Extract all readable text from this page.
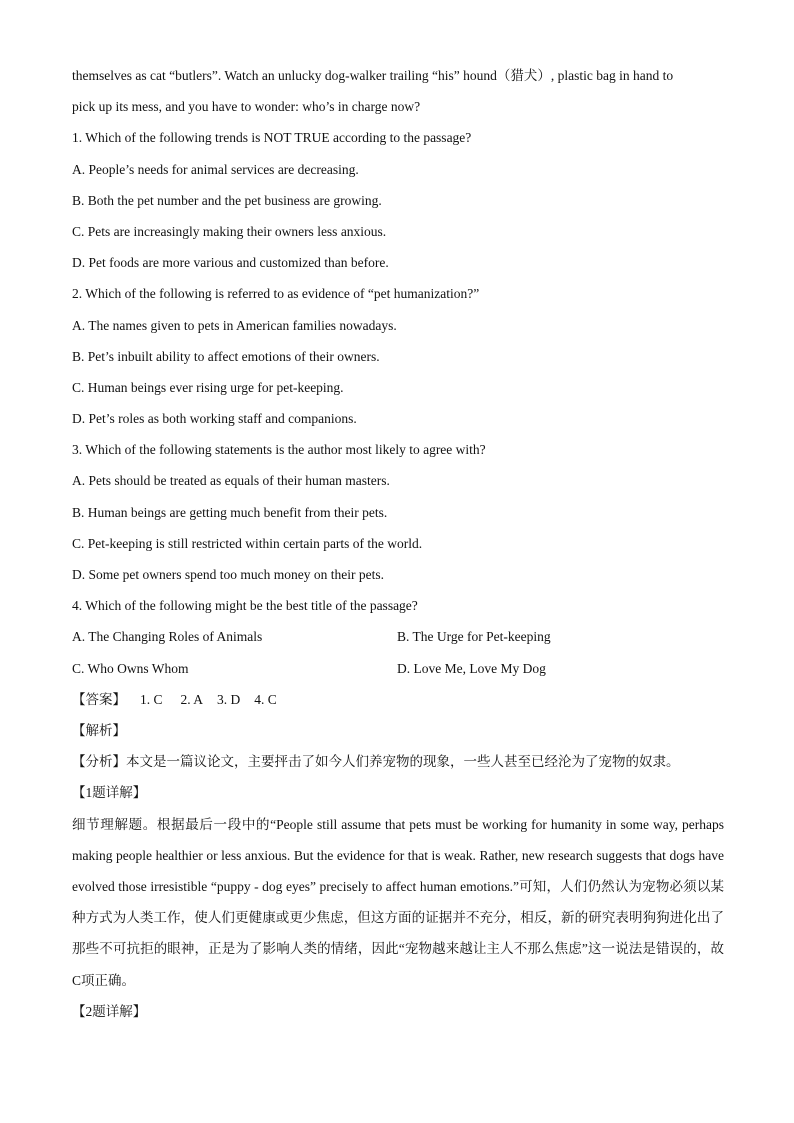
themselves as cat “butlers”. Watch an unlucky dog-walker trailing “his” hound（猎犬）, plastic bag in hand to
pick up its mess, and you have to wonder: who’s in charge now?
1. Which of the following trends is NOT TRUE according to the passage?
A. People’s needs for animal services are decreasing.
B. Both the pet number and the pet business are growing.
C. Pets are increasingly making their owners less anxious.
D. Pet foods are more various and customized than before.
2. Which of the following is referred to as evidence of “pet humanization?”
A. The names given to pets in American families nowadays.
B. Pet’s inbuilt ability to affect emotions of their owners.
C. Human beings ever rising urge for pet-keeping.
D. Pet’s roles as both working staff and companions.
3. Which of the following statements is the author most likely to agree with?
A. Pets should be treated as equals of their human masters.
B. Human beings are getting much benefit from their pets.
C. Pet-keeping is still restricted within certain parts of the world.
D. Some pet owners spend too much money on their pets.
4. Which of the following might be the best title of the passage?
A. The Changing Roles of Animals	B. The Urge for Pet-keeping
C. Who Owns Whom	D. Love Me, Love My Dog
【答案】 1. C 2. A 3. D 4. C
【解析】
【分析】本文是一篇议论文，主要抨击了如今人们养宠物的现象，一些人甚至已经沦为了宠物的奴隶。
【1题详解】
细节理解题。根据最后一段中的“People still assume that pets must be working for humanity in some way, perhaps making people healthier or less anxious. But the evidence for that is weak. Rather, new research suggests that dogs have evolved those irresistible “puppy - dog eyes” precisely to affect human emotions.”可知，人们仍然认为宠物必须以某种方式为人类工作，使人们更健康或更少焦虑，但这方面的证据并不充分，相反，新的研究表明狗狗进化出了那些不可抗拒的眼神，正是为了影响人类的情绪，因此“宠物越来越让主人不那么焦虑”这一说法是错误的，故C项正确。
【2题详解】
